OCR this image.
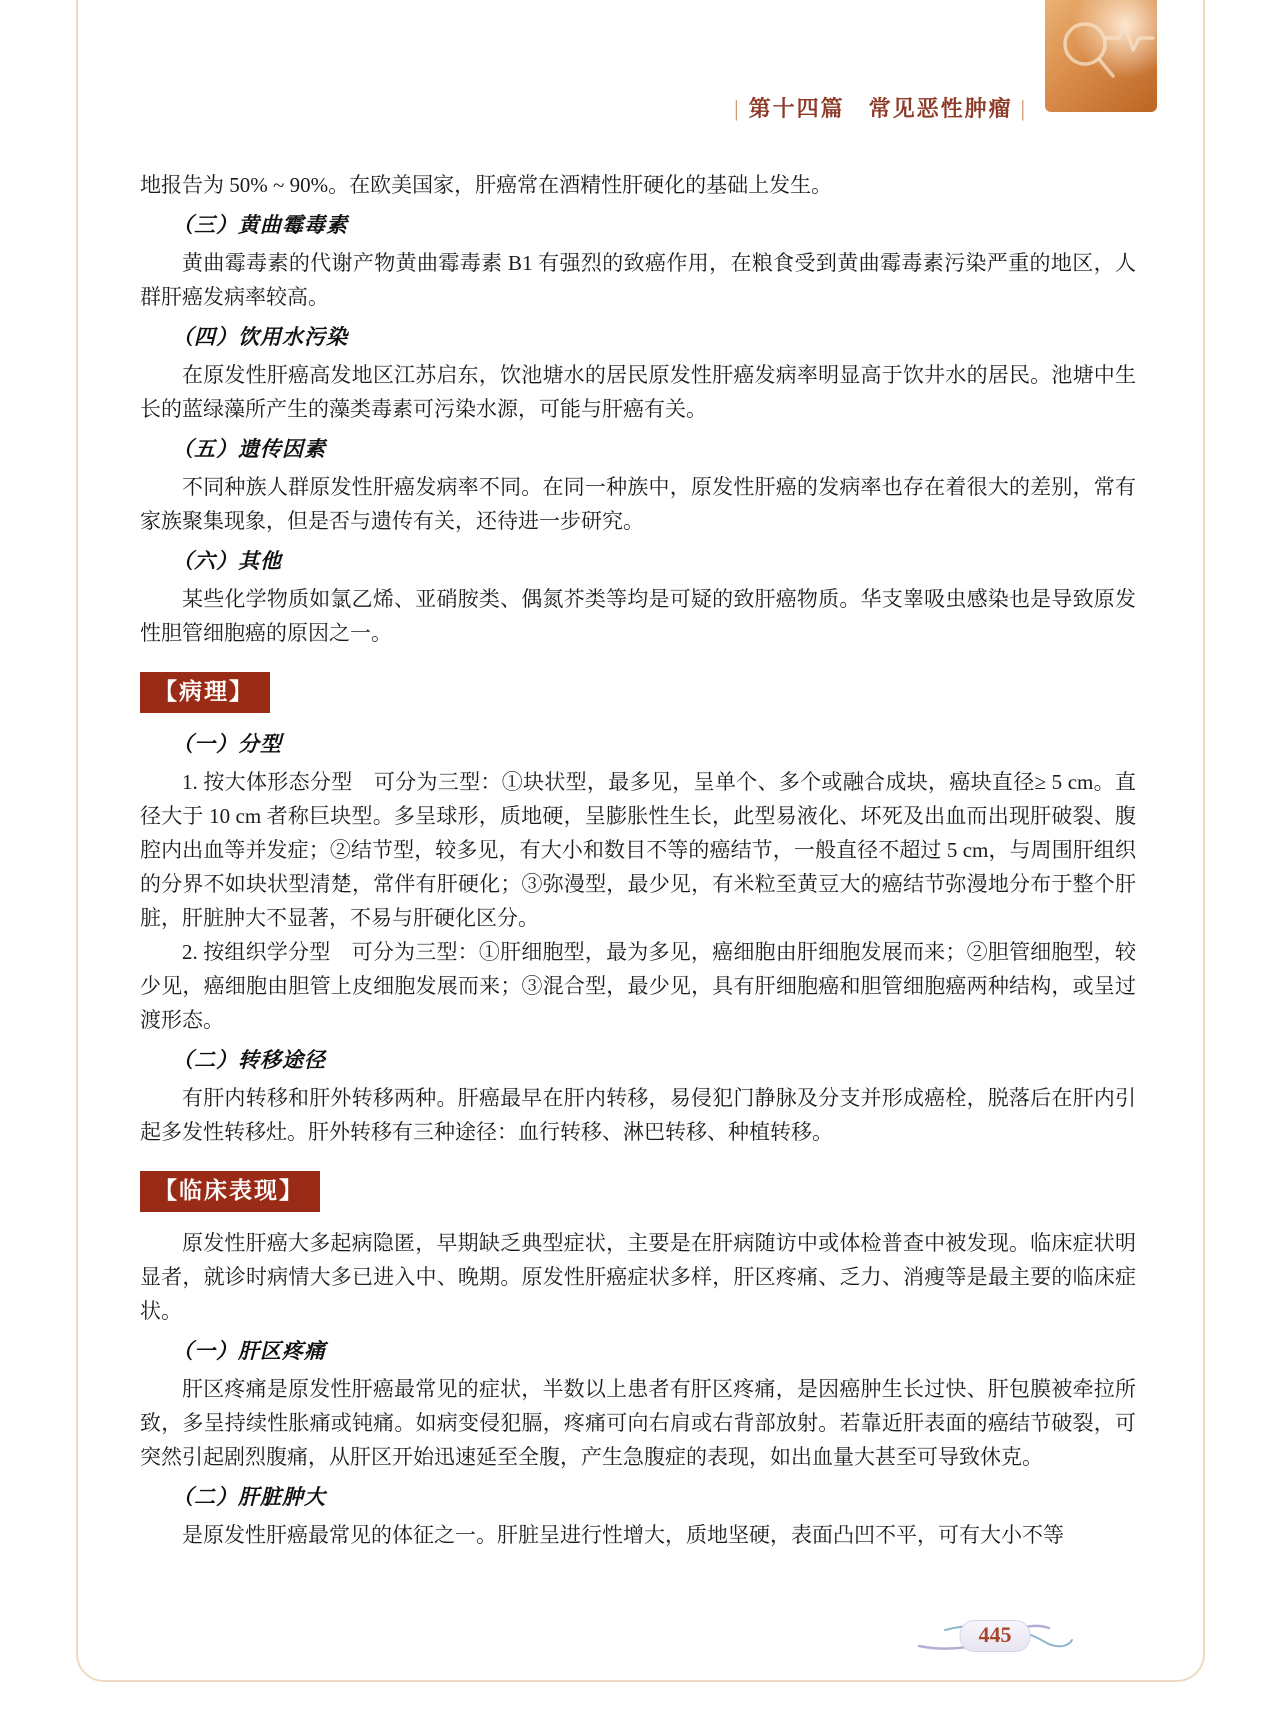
| 第十四篇　常见恶性肿瘤 |

地报告为 50% ~ 90%。在欧美国家，肝癌常在酒精性肝硬化的基础上发生。

（三）黄曲霉毒素

黄曲霉毒素的代谢产物黄曲霉毒素 B1 有强烈的致癌作用，在粮食受到黄曲霉毒素污染严重的地区，人群肝癌发病率较高。

（四）饮用水污染

在原发性肝癌高发地区江苏启东，饮池塘水的居民原发性肝癌发病率明显高于饮井水的居民。池塘中生长的蓝绿藻所产生的藻类毒素可污染水源，可能与肝癌有关。

（五）遗传因素

不同种族人群原发性肝癌发病率不同。在同一种族中，原发性肝癌的发病率也存在着很大的差别，常有家族聚集现象，但是否与遗传有关，还待进一步研究。

（六）其他

某些化学物质如氯乙烯、亚硝胺类、偶氮芥类等均是可疑的致肝癌物质。华支睾吸虫感染也是导致原发性胆管细胞癌的原因之一。

【病理】
（一）分型

1. 按大体形态分型　可分为三型：①块状型，最多见，呈单个、多个或融合成块，癌块直径≥ 5 cm。直径大于 10 cm 者称巨块型。多呈球形，质地硬，呈膨胀性生长，此型易液化、坏死及出血而出现肝破裂、腹腔内出血等并发症；②结节型，较多见，有大小和数目不等的癌结节，一般直径不超过 5 cm，与周围肝组织的分界不如块状型清楚，常伴有肝硬化；③弥漫型，最少见，有米粒至黄豆大的癌结节弥漫地分布于整个肝脏，肝脏肿大不显著，不易与肝硬化区分。

2. 按组织学分型　可分为三型：①肝细胞型，最为多见，癌细胞由肝细胞发展而来；②胆管细胞型，较少见，癌细胞由胆管上皮细胞发展而来；③混合型，最少见，具有肝细胞癌和胆管细胞癌两种结构，或呈过渡形态。

（二）转移途径

有肝内转移和肝外转移两种。肝癌最早在肝内转移，易侵犯门静脉及分支并形成癌栓，脱落后在肝内引起多发性转移灶。肝外转移有三种途径：血行转移、淋巴转移、种植转移。

【临床表现】

原发性肝癌大多起病隐匿，早期缺乏典型症状，主要是在肝病随访中或体检普查中被发现。临床症状明显者，就诊时病情大多已进入中、晚期。原发性肝癌症状多样，肝区疼痛、乏力、消瘦等是最主要的临床症状。

（一）肝区疼痛

肝区疼痛是原发性肝癌最常见的症状，半数以上患者有肝区疼痛，是因癌肿生长过快、肝包膜被牵拉所致，多呈持续性胀痛或钝痛。如病变侵犯膈，疼痛可向右肩或右背部放射。若靠近肝表面的癌结节破裂，可突然引起剧烈腹痛，从肝区开始迅速延至全腹，产生急腹症的表现，如出血量大甚至可导致休克。

（二）肝脏肿大

是原发性肝癌最常见的体征之一。肝脏呈进行性增大，质地坚硬，表面凸凹不平，可有大小不等

445
